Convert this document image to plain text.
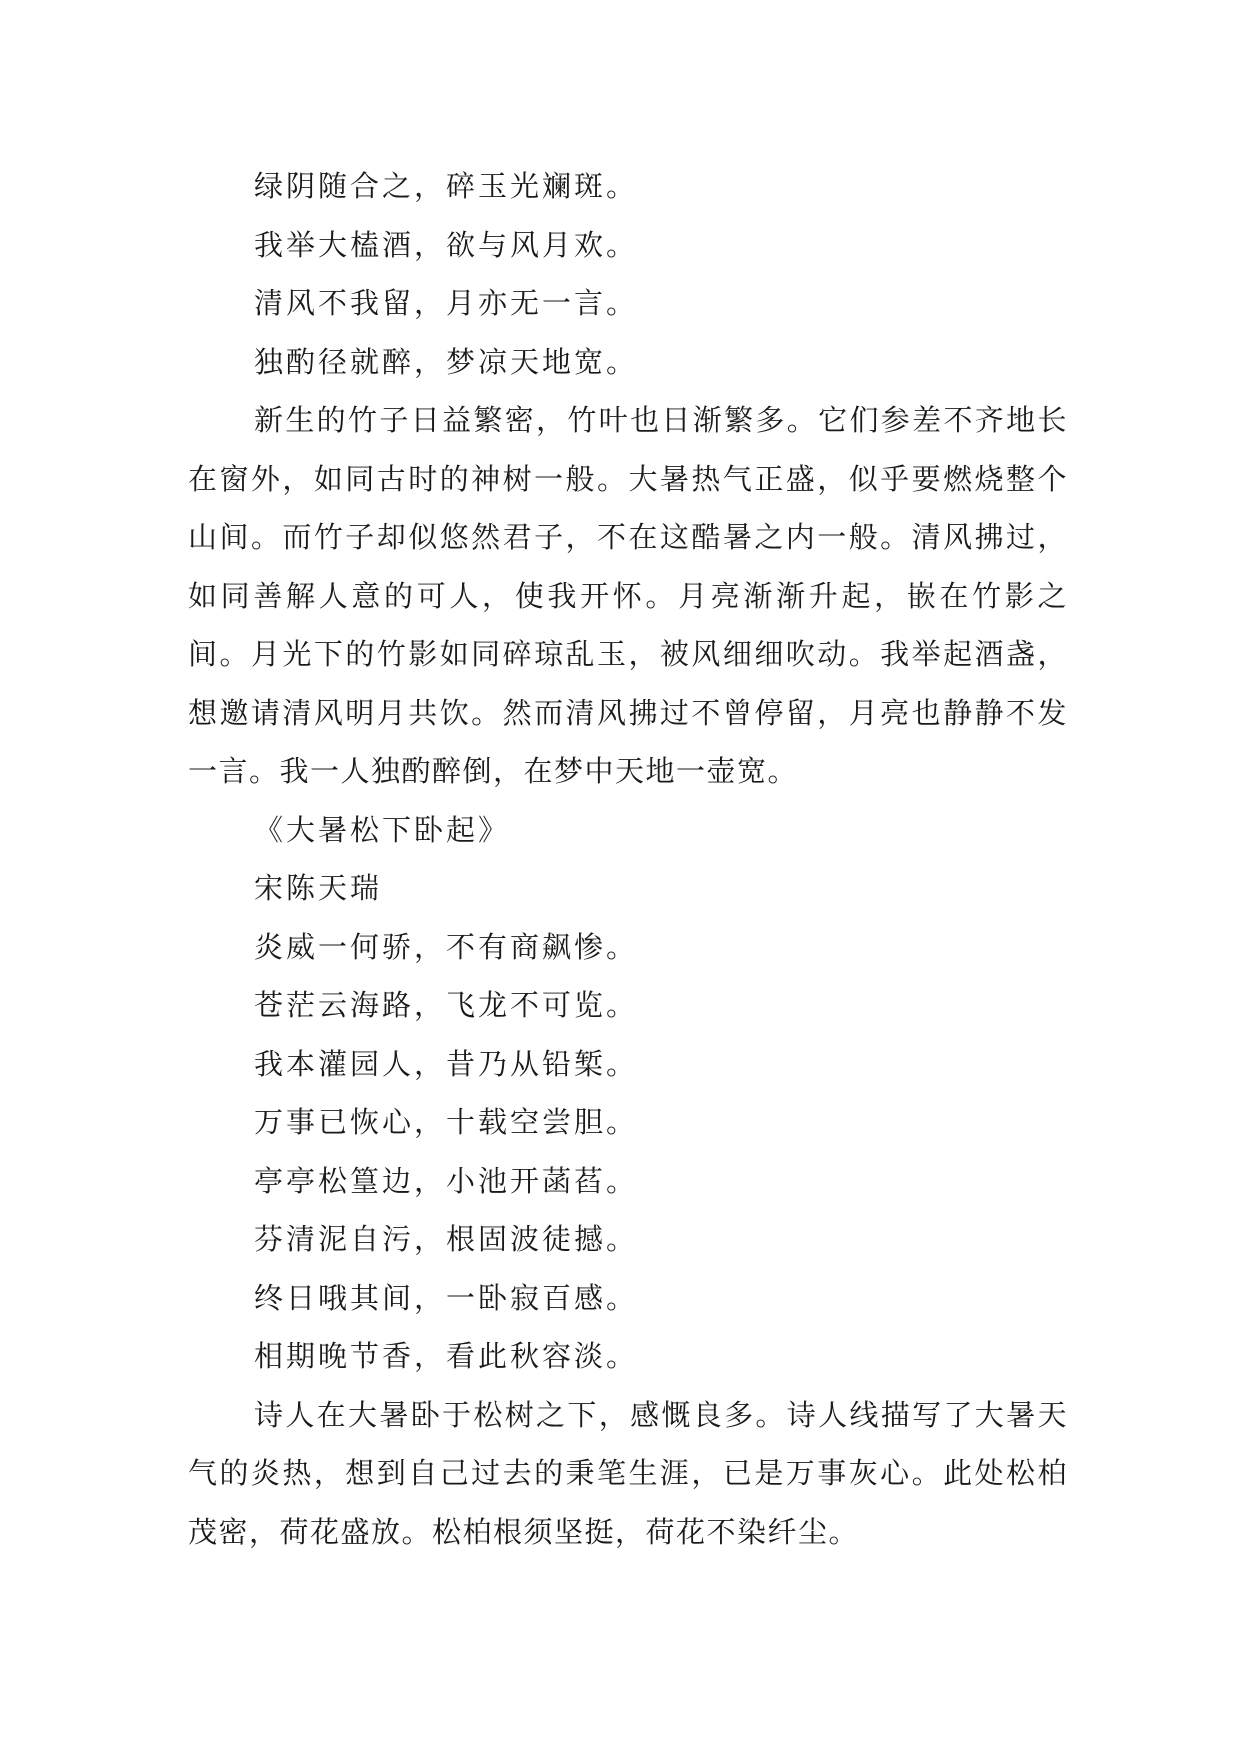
绿阴随合之，碎玉光斓斑。
我举大榼酒，欲与风月欢。
清风不我留，月亦无一言。
独酌径就醉，梦凉天地宽。

新生的竹子日益繁密，竹叶也日渐繁多。它们参差不齐地长在窗外，如同古时的神树一般。大暑热气正盛，似乎要燃烧整个山间。而竹子却似悠然君子，不在这酷暑之内一般。清风拂过，如同善解人意的可人，使我开怀。月亮渐渐升起，嵌在竹影之间。月光下的竹影如同碎琼乱玉，被风细细吹动。我举起酒盏，想邀请清风明月共饮。然而清风拂过不曾停留，月亮也静静不发一言。我一人独酌醉倒，在梦中天地一壶宽。

《大暑松下卧起》
宋陈天瑞
炎威一何骄，不有商飙惨。
苍茫云海路，飞龙不可览。
我本灌园人，昔乃从铅椠。
万事已恢心，十载空尝胆。
亭亭松篁边，小池开菡萏。
芬清泥自污，根固波徒撼。
终日哦其间，一卧寂百感。
相期晚节香，看此秋容淡。

诗人在大暑卧于松树之下，感慨良多。诗人线描写了大暑天气的炎热，想到自己过去的秉笔生涯，已是万事灰心。此处松柏茂密，荷花盛放。松柏根须坚挺，荷花不染纤尘。
